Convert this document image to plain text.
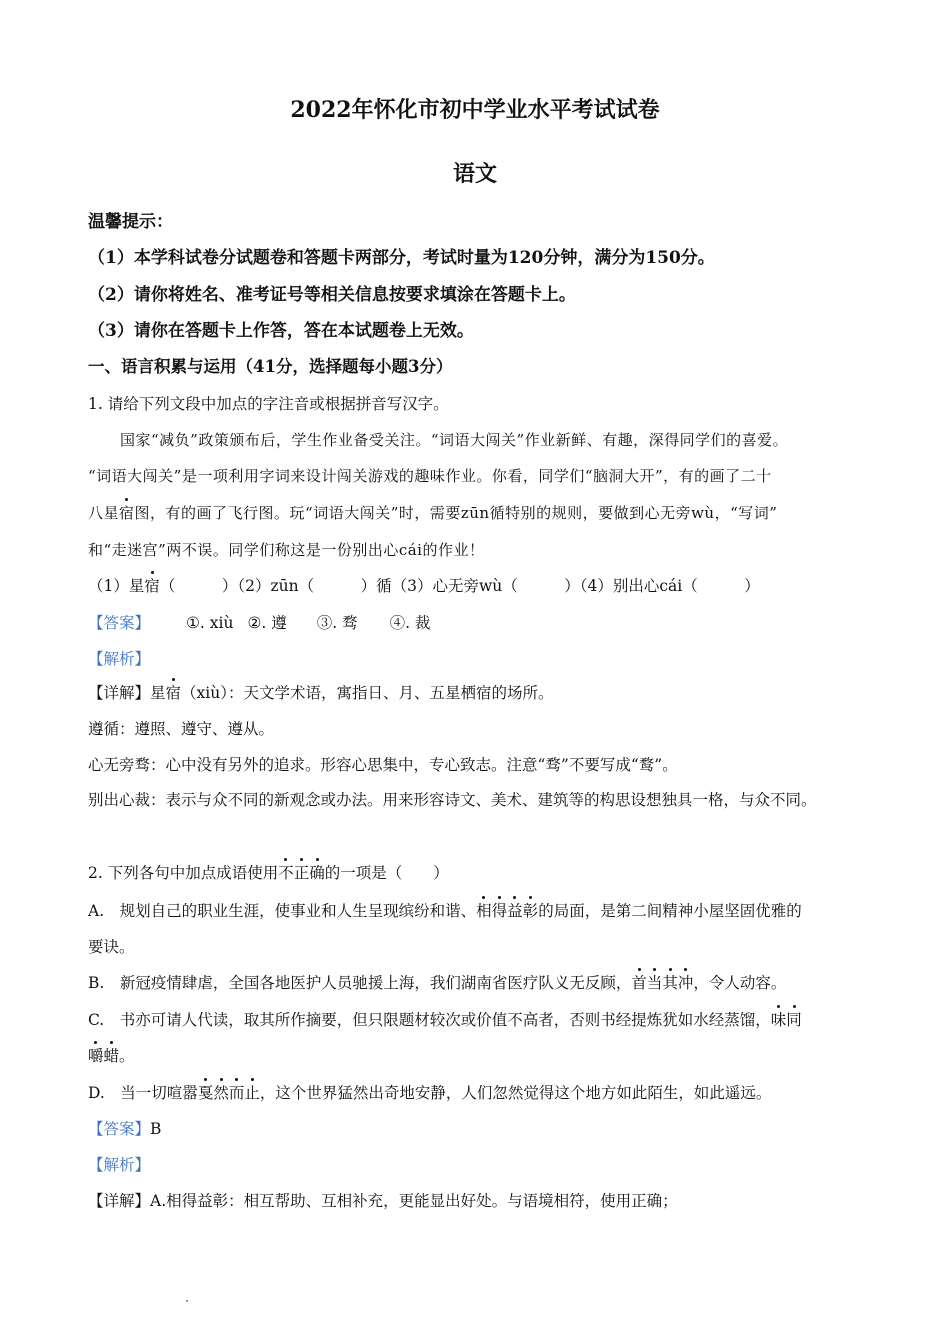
2022年怀化市初中学业水平考试试卷
语文
温馨提示：
（1）本学科试卷分试题卷和答题卡两部分，考试时量为120分钟，满分为150分。
（2）请你将姓名、准考证号等相关信息按要求填涂在答题卡上。
（3）请你在答题卡上作答，答在本试题卷上无效。
一、语言积累与运用（41分，选择题每小题3分）
1. 请给下列文段中加点的字注音或根据拼音写汉字。
国家“减负”政策颁布后，学生作业备受关注。“词语大闯关”作业新鲜、有趣，深得同学们的喜爱。
“词语大闯关”是一项利用字词来设计闯关游戏的趣味作业。你看，同学们“脑洞大开”，有的画了二十
八星宿图，有的画了飞行图。玩“词语大闯关”时，需要zūn循特别的规则，要做到心无旁wù，“写词”
和“走迷宫”两不误。同学们称这是一份别出心cái的作业！
（1）星宿（　　　）（2）zūn（　　　）循（3）心无旁wù（　　　）（4）别出心cái（　　　）
【答案】 ①. xiù ②. 遵 ③. 骛 ④. 裁
【解析】
【详解】星宿（xiù）：天文学术语，寓指日、月、五星栖宿的场所。
遵循：遵照、遵守、遵从。
心无旁骛：心中没有另外的追求。形容心思集中，专心致志。注意“骛”不要写成“鹜”。
别出心裁：表示与众不同的新观念或办法。用来形容诗文、美术、建筑等的构思设想独具一格，与众不同。
2. 下列各句中加点成语使用不正确的一项是（　　）
A.　规划自己的职业生涯，使事业和人生呈现缤纷和谐、相得益彰的局面，是第二间精神小屋坚固优雅的
要诀。
B.　新冠疫情肆虐，全国各地医护人员驰援上海，我们湖南省医疗队义无反顾，首当其冲，令人动容。
C.　书亦可请人代读，取其所作摘要，但只限题材较次或价值不高者，否则书经提炼犹如水经蒸馏，味同
嚼蜡。
D.　当一切喧嚣戛然而止，这个世界猛然出奇地安静，人们忽然觉得这个地方如此陌生，如此遥远。
【答案】B
【解析】
【详解】A.相得益彰：相互帮助、互相补充，更能显出好处。与语境相符，使用正确；
